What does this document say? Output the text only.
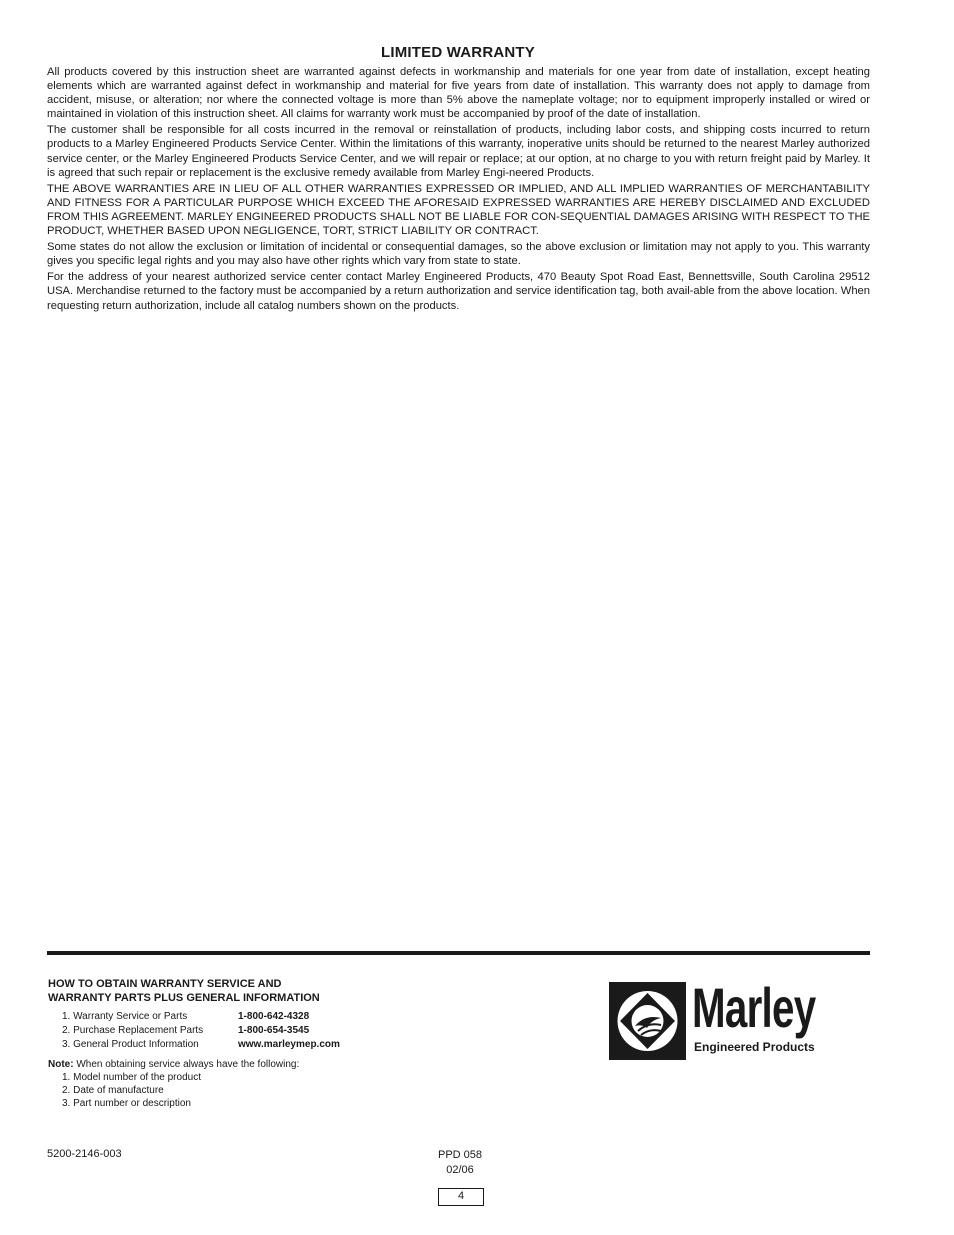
LIMITED WARRANTY

All products covered by this instruction sheet are warranted against defects in workmanship and materials for one year from date of installation, except heating elements which are warranted against defect in workmanship and material for five years from date of installation. This warranty does not apply to damage from accident, misuse, or alteration; nor where the connected voltage is more than 5% above the nameplate voltage; nor to equipment improperly installed or wired or maintained in violation of this instruction sheet. All claims for warranty work must be accompanied by proof of the date of installation.

The customer shall be responsible for all costs incurred in the removal or reinstallation of products, including labor costs, and shipping costs incurred to return products to a Marley Engineered Products Service Center. Within the limitations of this warranty, inoperative units should be returned to the nearest Marley authorized service center, or the Marley Engineered Products Service Center, and we will repair or replace; at our option, at no charge to you with return freight paid by Marley. It is agreed that such repair or replacement is the exclusive remedy available from Marley Engi-neered Products.

THE ABOVE WARRANTIES ARE IN LIEU OF ALL OTHER WARRANTIES EXPRESSED OR IMPLIED, AND ALL IMPLIED WARRANTIES OF MERCHANTABILITY AND FITNESS FOR A PARTICULAR PURPOSE WHICH EXCEED THE AFORESAID EXPRESSED WARRANTIES ARE HEREBY DISCLAIMED AND EXCLUDED FROM THIS AGREEMENT. MARLEY ENGINEERED PRODUCTS SHALL NOT BE LIABLE FOR CON-SEQUENTIAL DAMAGES ARISING WITH RESPECT TO THE PRODUCT, WHETHER BASED UPON NEGLIGENCE, TORT, STRICT LIABILITY OR CONTRACT.

Some states do not allow the exclusion or limitation of incidental or consequential damages, so the above exclusion or limitation may not apply to you. This warranty gives you specific legal rights and you may also have other rights which vary from state to state.

For the address of your nearest authorized service center contact Marley Engineered Products, 470 Beauty Spot Road East, Bennettsville, South Carolina 29512 USA. Merchandise returned to the factory must be accompanied by a return authorization and service identification tag, both avail-able from the above location. When requesting return authorization, include all catalog numbers shown on the products.

HOW TO OBTAIN WARRANTY SERVICE AND
WARRANTY PARTS PLUS GENERAL INFORMATION
1. Warranty Service or Parts	1-800-642-4328
2. Purchase Replacement Parts	1-800-654-3545
3. General Product Information	www.marleymep.com

Note: When obtaining service always have the following:

1. Model number of the product
2. Date of manufacture
3. Part number or description
Marley
Engineered Products
5200-2146-003	PPD 058
02/06
4
